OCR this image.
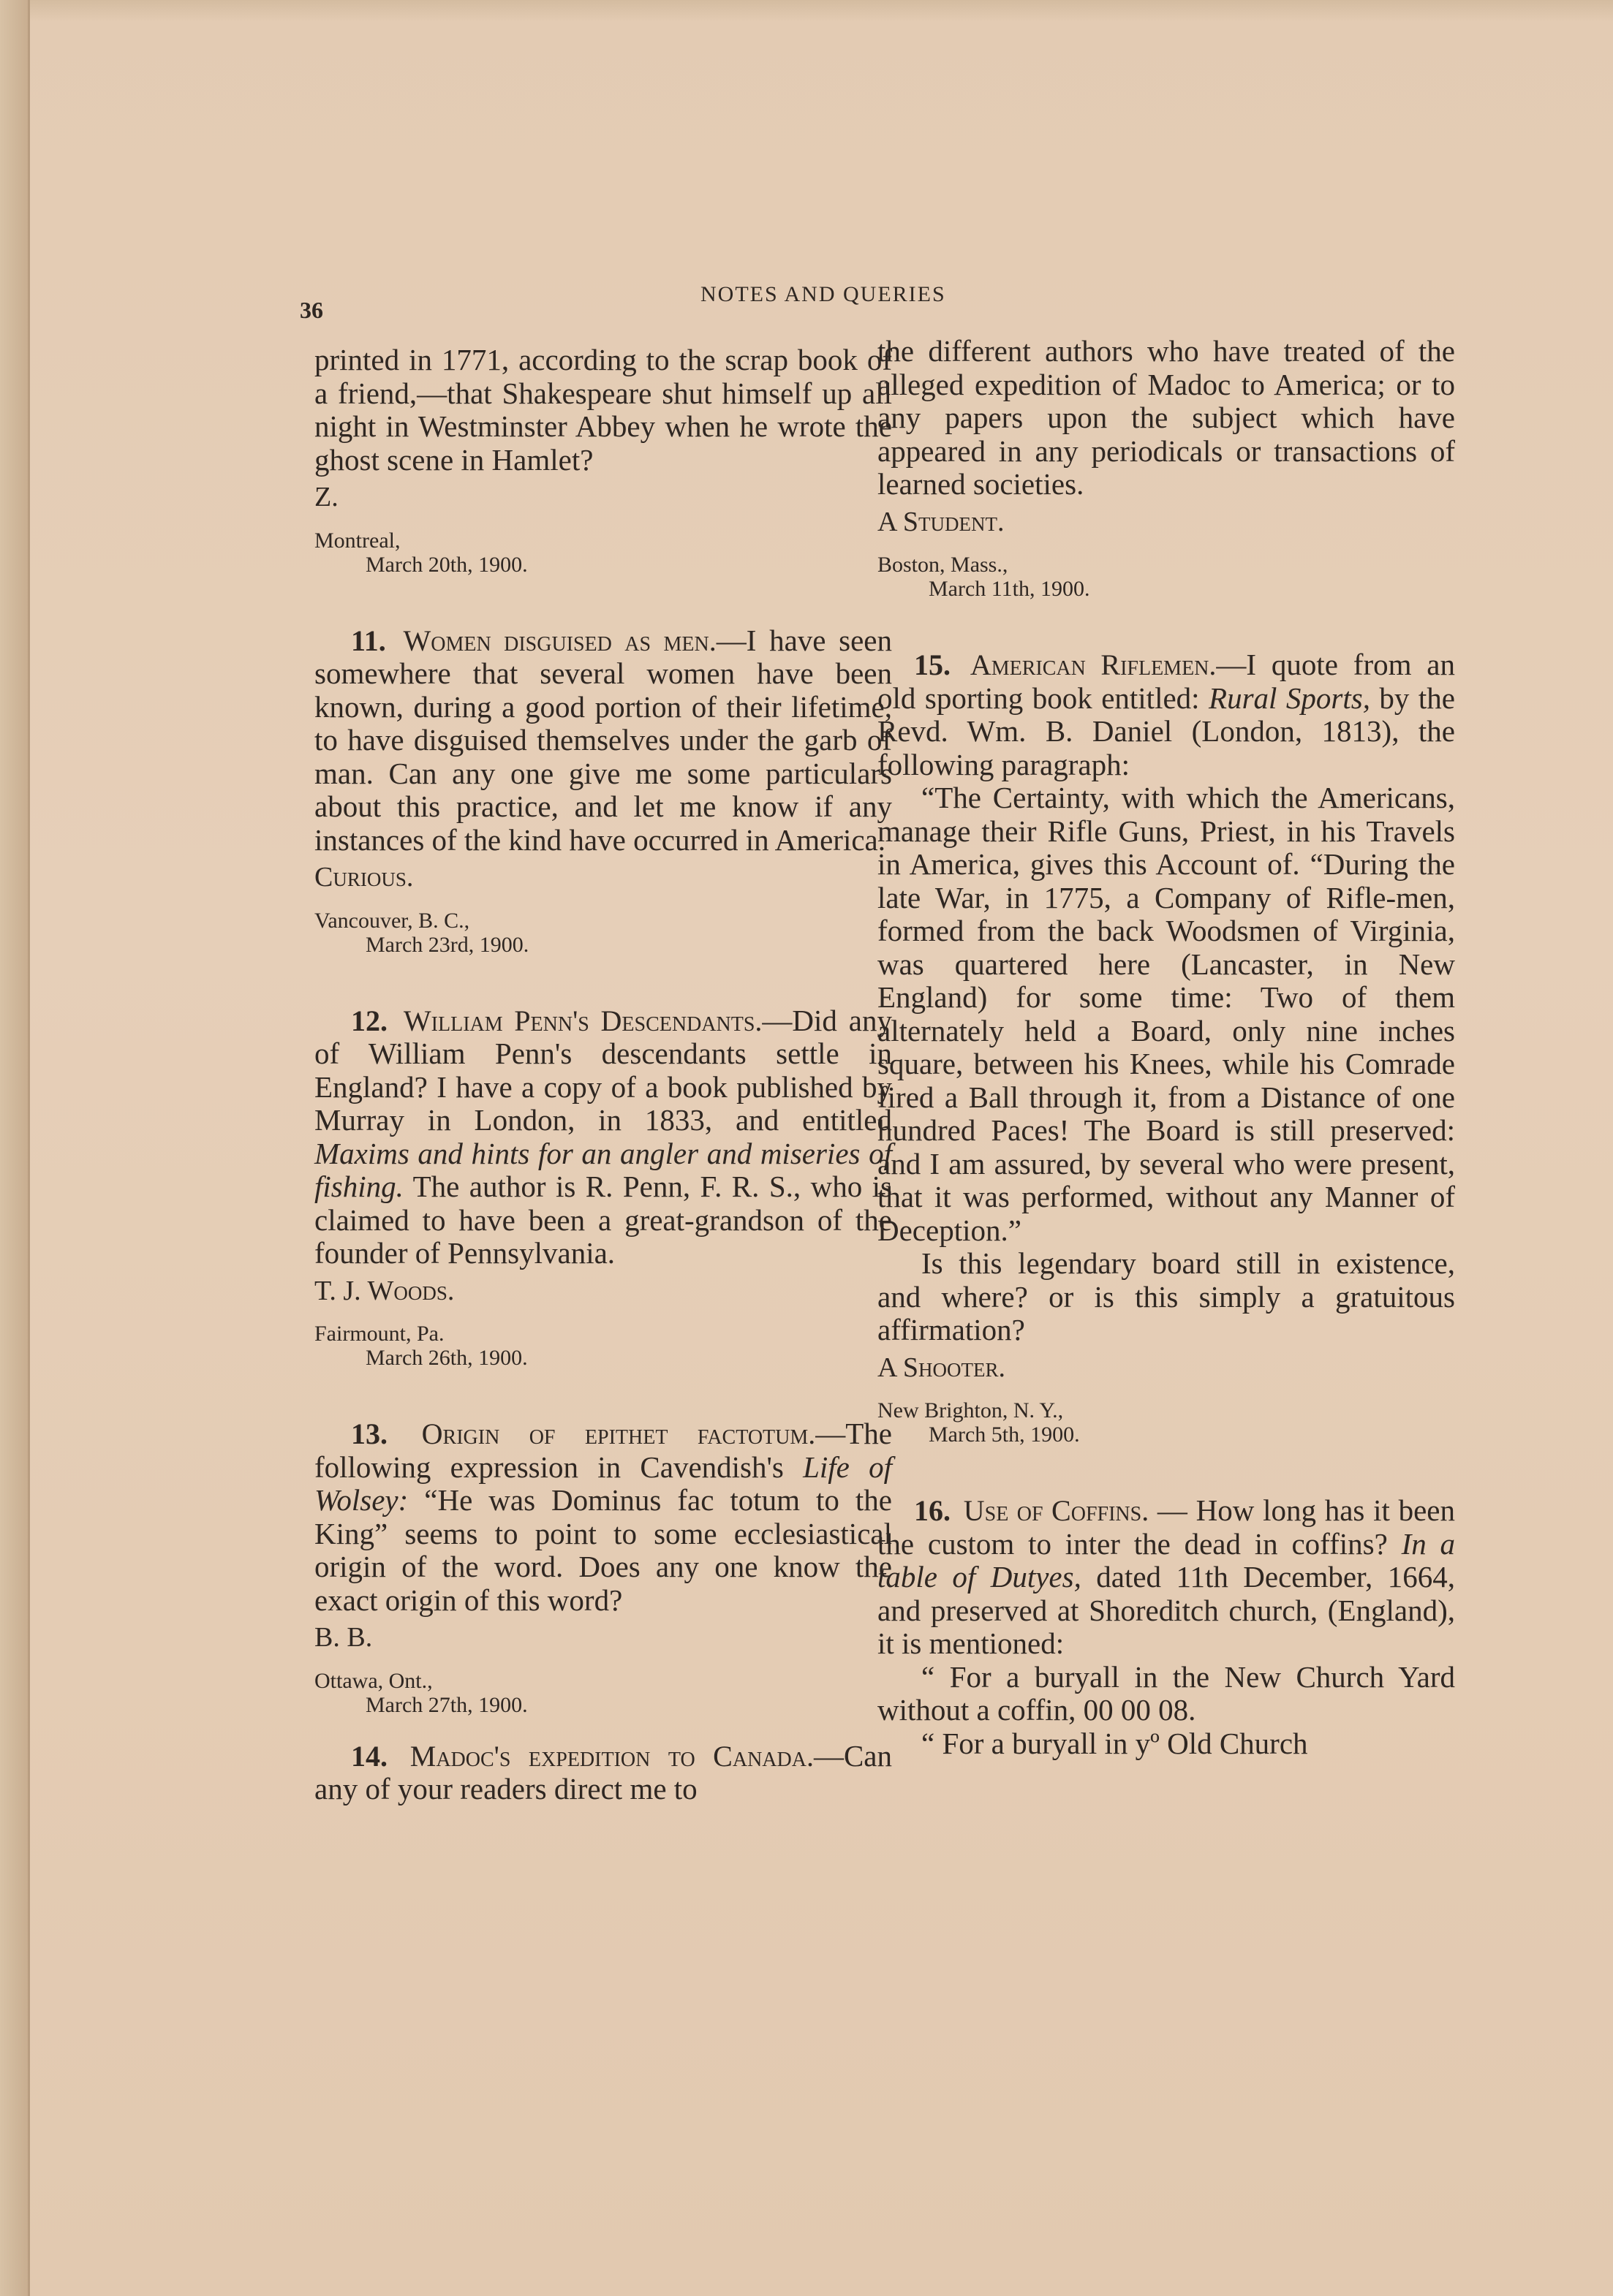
36
NOTES AND QUERIES

printed in 1771, according to the scrap book of a friend,—that Shakespeare shut himself up all night in Westminster Abbey when he wrote the ghost scene in Hamlet?

Z.

Montreal,

March 20th, 1900.

11. Women disguised as men.—I have seen somewhere that several women have been known, during a good portion of their lifetime, to have disguised themselves under the garb of man. Can any one give me some particulars about this practice, and let me know if any instances of the kind have occurred in America.

Curious.

Vancouver, B. C.,

March 23rd, 1900.

12. William Penn's Descendants.—Did any of William Penn's descendants settle in England? I have a copy of a book published by Murray in London, in 1833, and entitled Maxims and hints for an angler and miseries of fishing. The author is R. Penn, F. R. S., who is claimed to have been a great-grandson of the founder of Pennsylvania.

T. J. Woods.

Fairmount, Pa.

March 26th, 1900.

13. Origin of epithet factotum.—The following expression in Cavendish's Life of Wolsey: “He was Dominus fac totum to the King” seems to point to some ecclesiastical origin of the word. Does any one know the exact origin of this word?

B. B.

Ottawa, Ont.,

March 27th, 1900.

14. Madoc's expedition to Canada.—Can any of your readers direct me to

the different authors who have treated of the alleged expedition of Madoc to America; or to any papers upon the subject which have appeared in any periodicals or transactions of learned societies.

A Student.

Boston, Mass.,

March 11th, 1900.

15. American Riflemen.—I quote from an old sporting book entitled: Rural Sports, by the Revd. Wm. B. Daniel (London, 1813), the following paragraph:

“The Certainty, with which the Americans, manage their Rifle Guns, Priest, in his Travels in America, gives this Account of. “During the late War, in 1775, a Company of Rifle-men, formed from the back Woodsmen of Virginia, was quartered here (Lancaster, in New England) for some time: Two of them alternately held a Board, only nine inches square, between his Knees, while his Comrade fired a Ball through it, from a Distance of one hundred Paces! The Board is still preserved: and I am assured, by several who were present, that it was performed, without any Manner of Deception.”

Is this legendary board still in existence, and where? or is this simply a gratuitous affirmation?

A Shooter.

New Brighton, N. Y.,

March 5th, 1900.

16. Use of Coffins. — How long has it been the custom to inter the dead in coffins? In a table of Dutyes, dated 11th December, 1664, and preserved at Shoreditch church, (England), it is mentioned:

“ For a buryall in the New Church Yard without a coffin, 00 00 08.

“ For a buryall in yº Old Church
